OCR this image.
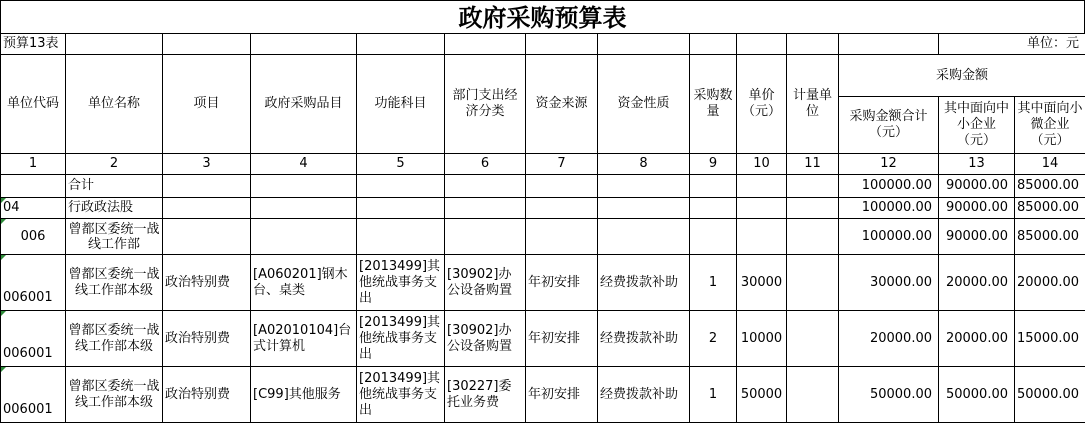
政府采购预算表
预算13表												单位：元	
单位代码	单位名称	项目	政府采购品目	功能科目	部门支出经济分类	资金来源	资金性质	采购数量	单价（元）	计量单位	采购金额		
											采购金额合计（元）	其中面向中小企业（元）	其中面向小微企业（元）
1	2	3	4	5	6	7	8	9	10	11	12	13	14
	合计										100000.00	90000.00	85000.00
04	行政政法股										100000.00	90000.00	85000.00
006	曾都区委统一战线工作部										100000.00	90000.00	85000.00
006001	曾都区委统一战线工作部本级	政治特别费	[A060201]钢木台、桌类	[2013499]其他统战事务支出	[30902]办公设备购置	年初安排	经费拨款补助	1	30000		30000.00	20000.00	20000.00
006001	曾都区委统一战线工作部本级	政治特别费	[A02010104]台式计算机	[2013499]其他统战事务支出	[30902]办公设备购置	年初安排	经费拨款补助	2	10000		20000.00	20000.00	15000.00
006001	曾都区委统一战线工作部本级	政治特别费	[C99]其他服务	[2013499]其他统战事务支出	[30227]委托业务费	年初安排	经费拨款补助	1	50000		50000.00	50000.00	50000.00
